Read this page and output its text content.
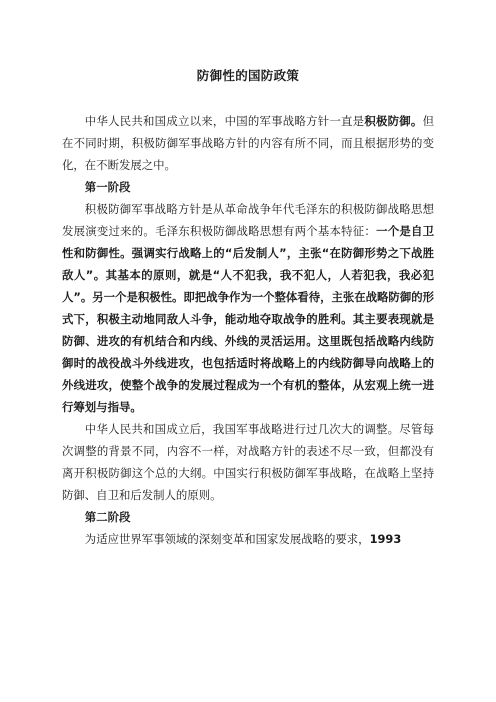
防御性的国防政策

中华人民共和国成立以来，中国的军事战略方针一直是积极防御。但在不同时期，积极防御军事战略方针的内容有所不同，而且根据形势的变化，在不断发展之中。

第一阶段

积极防御军事战略方针是从革命战争年代毛泽东的积极防御战略思想发展演变过来的。毛泽东积极防御战略思想有两个基本特征：一个是自卫性和防御性。强调实行战略上的“后发制人”，主张“在防御形势之下战胜敌人”。其基本的原则，就是“人不犯我，我不犯人，人若犯我，我必犯人”。另一个是积极性。即把战争作为一个整体看待，主张在战略防御的形式下，积极主动地同敌人斗争，能动地夺取战争的胜利。其主要表现就是防御、进攻的有机结合和内线、外线的灵活运用。这里既包括战略内线防御时的战役战斗外线进攻，也包括适时将战略上的内线防御导向战略上的外线进攻，使整个战争的发展过程成为一个有机的整体，从宏观上统一进行筹划与指导。

中华人民共和国成立后，我国军事战略进行过几次大的调整。尽管每次调整的背景不同，内容不一样，对战略方针的表述不尽一致，但都没有离开积极防御这个总的大纲。中国实行积极防御军事战略，在战略上坚持防御、自卫和后发制人的原则。

第二阶段

为适应世界军事领域的深刻变革和国家发展战略的要求，1993
